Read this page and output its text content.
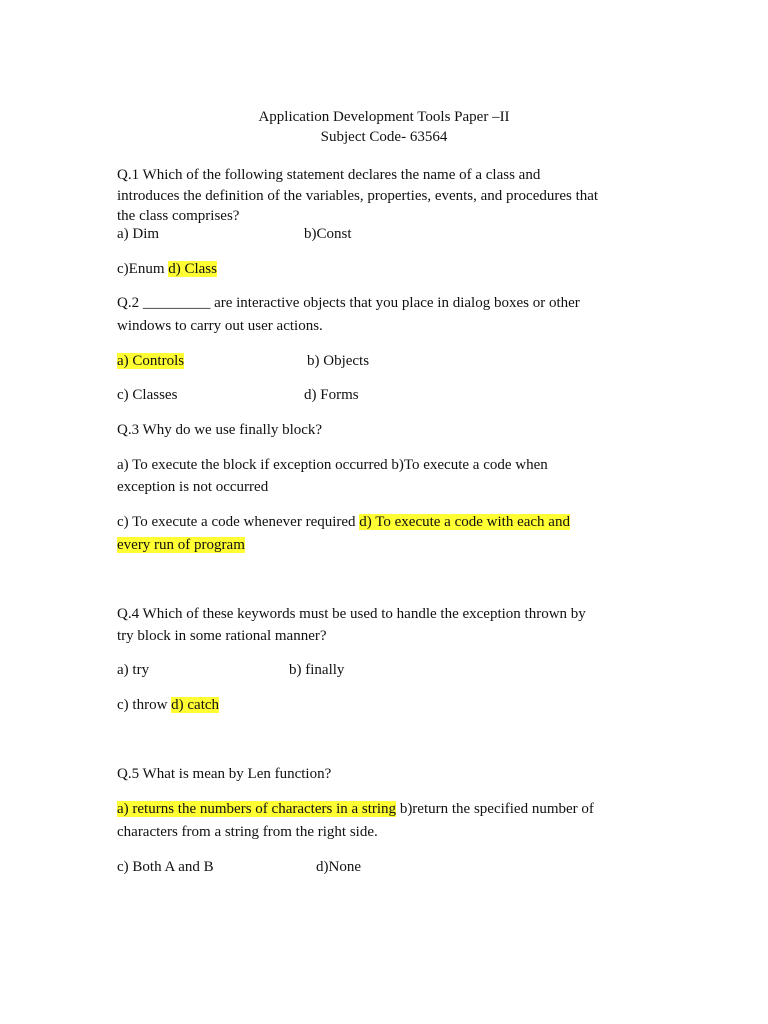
Application Development Tools Paper –II
Subject Code- 63564
Q.1 Which of the following statement declares the name of a class and
introduces the definition of the variables, properties, events, and procedures that
the class comprises?
a) Dim	b)Const
c)Enum d) Class
Q.2 _________ are interactive objects that you place in dialog boxes or other
windows to carry out user actions.
a) Controls	b) Objects
c) Classes	d) Forms
Q.3 Why do we use finally block?
a) To execute the block if exception occurred b)To execute a code when
exception is not occurred
c) To execute a code whenever required d) To execute a code with each and
every run of program
Q.4 Which of these keywords must be used to handle the exception thrown by
try block in some rational manner?
a) try	b) finally
c) throw d) catch
Q.5 What is mean by Len function?
a) returns the numbers of characters in a string b)return the specified number of
characters from a string from the right side.
c) Both A and B	d)None
